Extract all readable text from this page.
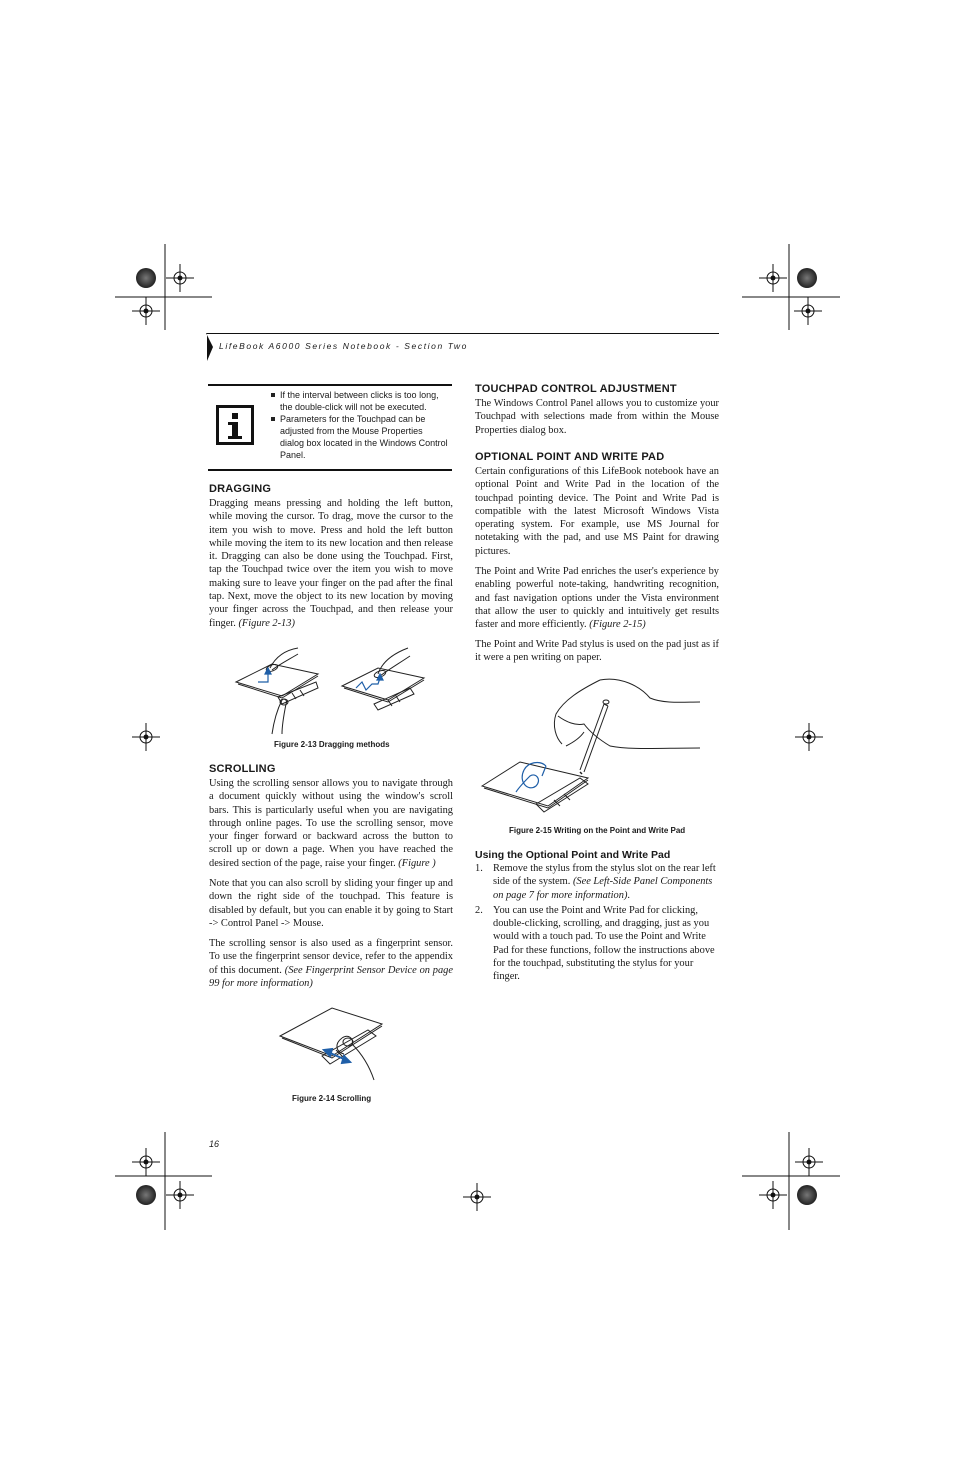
LifeBook A6000 Series Notebook - Section Two
If the interval between clicks is too long, the double-click will not be executed.
Parameters for the Touchpad can be adjusted from the Mouse Properties dialog box located in the Windows Control Panel.
DRAGGING

Dragging means pressing and holding the left button, while moving the cursor. To drag, move the cursor to the item you wish to move. Press and hold the left button while moving the item to its new location and then release it. Dragging can also be done using the Touchpad. First, tap the Touchpad twice over the item you wish to move making sure to leave your finger on the pad after the final tap. Next, move the object to its new location by moving your finger across the Touchpad, and then release your finger. (Figure 2-13)

Figure 2-13 Dragging methods
SCROLLING

Using the scrolling sensor allows you to navigate through a document quickly without using the window's scroll bars. This is particularly useful when you are navigating through online pages. To use the scrolling sensor, move your finger forward or backward across the button to scroll up or down a page. When you have reached the desired section of the page, raise your finger. (Figure )

Note that you can also scroll by sliding your finger up and down the right side of the touchpad. This feature is disabled by default, but you can enable it by going to Start -> Control Panel -> Mouse.

The scrolling sensor is also used as a fingerprint sensor. To use the fingerprint sensor device, refer to the appendix of this document. (See Fingerprint Sensor Device on page 99 for more information)

Figure 2-14 Scrolling
16
TOUCHPAD CONTROL ADJUSTMENT

The Windows Control Panel allows you to customize your Touchpad with selections made from within the Mouse Properties dialog box.

OPTIONAL POINT AND WRITE PAD

Certain configurations of this LifeBook notebook have an optional Point and Write Pad in the location of the touchpad pointing device. The Point and Write Pad is compatible with the latest Microsoft Windows Vista operating system. For example, use MS Journal for notetaking with the pad, and use MS Paint for drawing pictures.

The Point and Write Pad enriches the user's experience by enabling powerful note-taking, handwriting recognition, and fast navigation options under the Vista environment that allow the user to quickly and intuitively get results faster and more efficiently. (Figure 2-15)

The Point and Write Pad stylus is used on the pad just as if it were a pen writing on paper.

Figure 2-15 Writing on the Point and Write Pad
Using the Optional Point and Write Pad
1. Remove the stylus from the stylus slot on the rear left side of the system. (See Left-Side Panel Components on page 7 for more information).
2. You can use the Point and Write Pad for clicking, double-clicking, scrolling, and dragging, just as you would with a touch pad. To use the Point and Write Pad for these functions, follow the instructions above for the touchpad, substituting the stylus for your finger.
